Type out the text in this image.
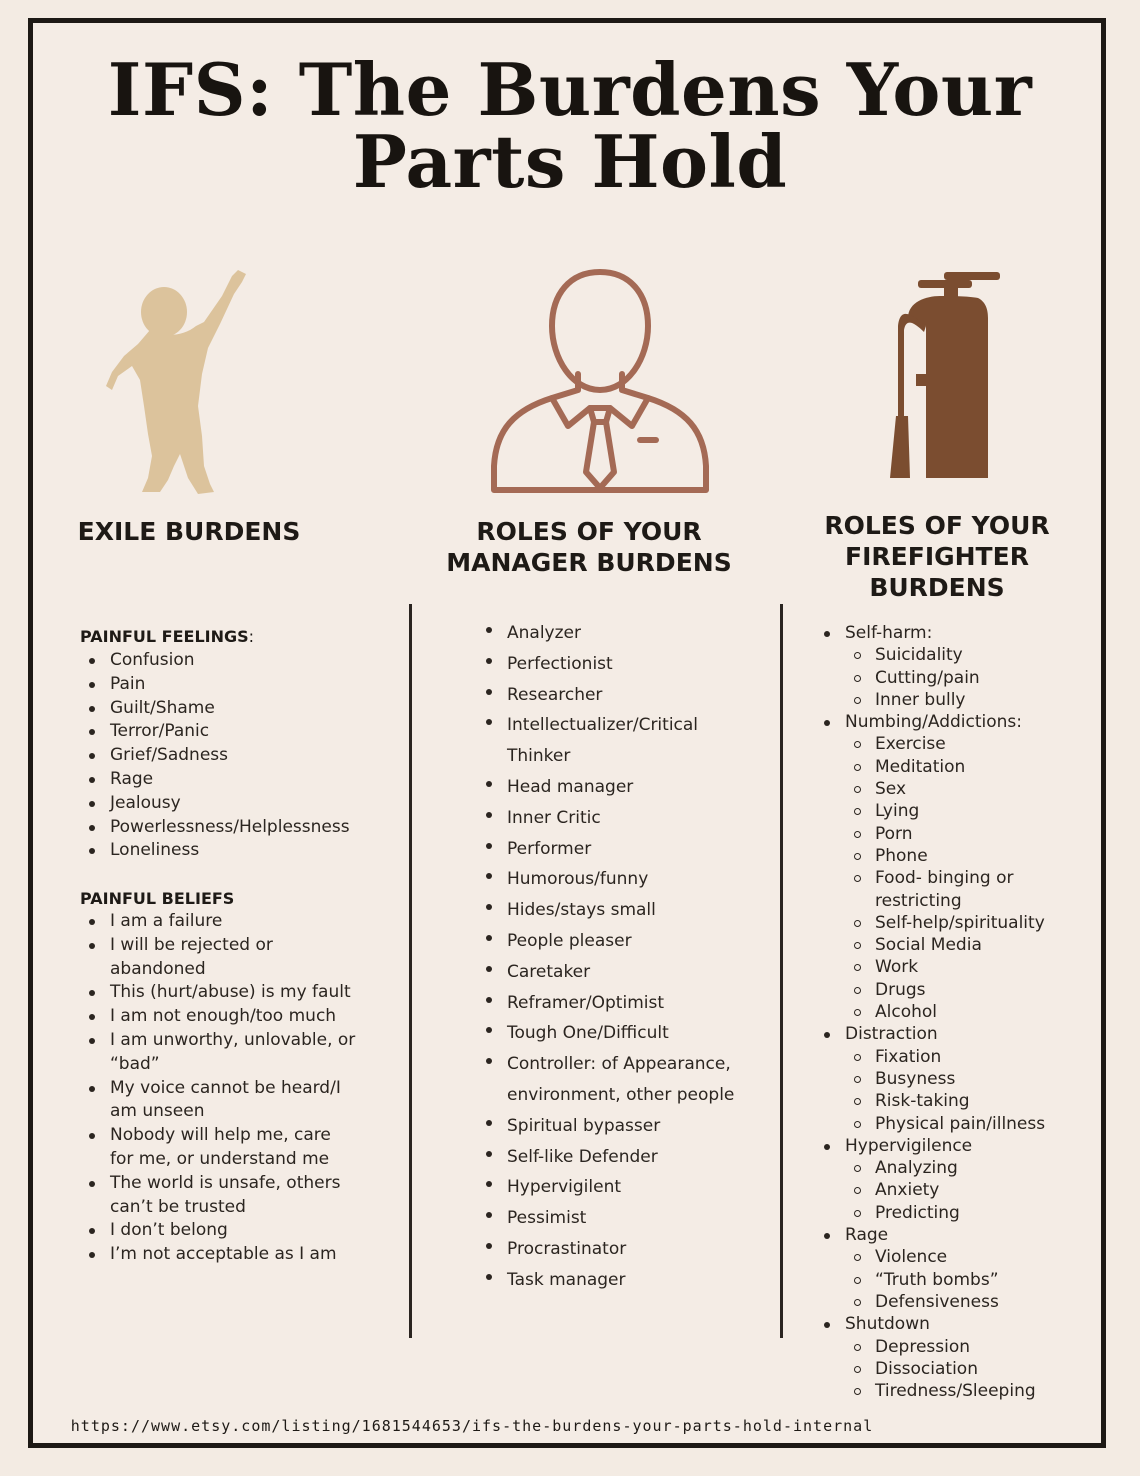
IFS: The Burdens Your
Parts Hold
EXILE BURDENS	ROLES OF YOUR
MANAGER BURDENS
ROLES OF YOUR
FIREFIGHTER
BURDENS
PAINFUL FEELINGS:
Confusion
Pain
Guilt/Shame
Terror/Panic
Grief/Sadness
Rage
Jealousy
Powerlessness/Helplessness
Loneliness
PAINFUL BELIEFS
I am a failure
I will be rejected or
abandoned
This (hurt/abuse) is my fault
I am not enough/too much
I am unworthy, unlovable, or
“bad”
My voice cannot be heard/I
am unseen
Nobody will help me, care
for me, or understand me
The world is unsafe, others
can’t be trusted
I don’t belong
I’m not acceptable as I am
Analyzer
Perfectionist
Researcher
Intellectualizer/Critical
Thinker
Head manager
Inner Critic
Performer
Humorous/funny
Hides/stays small
People pleaser
Caretaker
Reframer/Optimist
Tough One/Difficult
Controller: of Appearance,
environment, other people
Spiritual bypasser
Self-like Defender
Hypervigilent
Pessimist
Procrastinator
Task manager
Self-harm:
Suicidality
Cutting/pain
Inner bully
Numbing/Addictions:
Exercise
Meditation
Sex
Lying
Porn
Phone
Food- binging or
restricting
Self-help/spirituality
Social Media
Work
Drugs
Alcohol
Distraction
Fixation
Busyness
Risk-taking
Physical pain/illness
Hypervigilence
Analyzing
Anxiety
Predicting
Rage
Violence
“Truth bombs”
Defensiveness
Shutdown
Depression
Dissociation
Tiredness/Sleeping
https://www.etsy.com/listing/1681544653/ifs-the-burdens-your-parts-hold-internal
